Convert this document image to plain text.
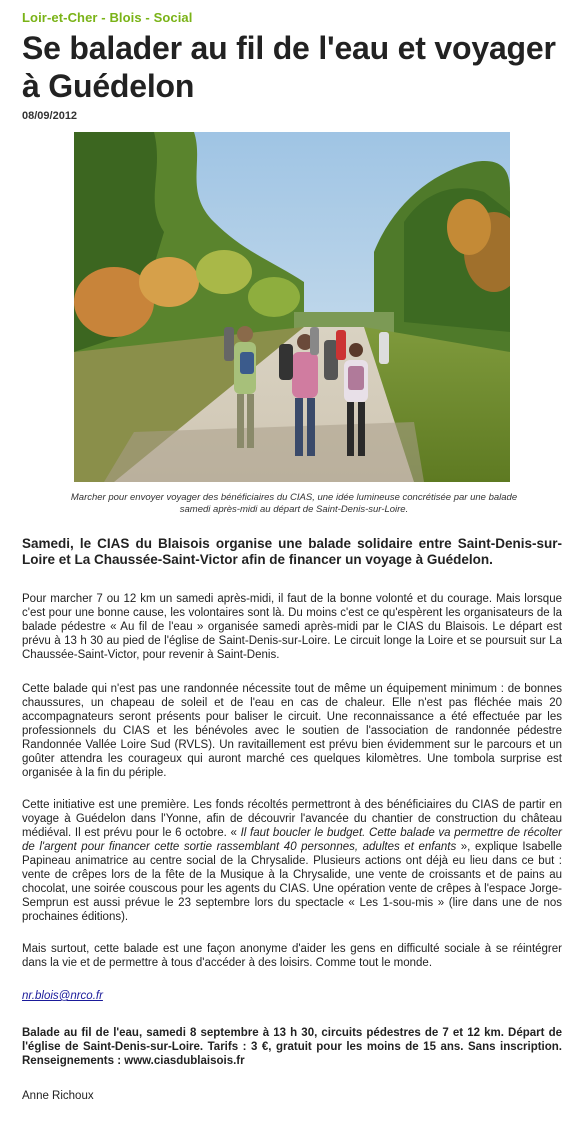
Loir-et-Cher - Blois - Social
Se balader au fil de l'eau et voyager à Guédelon
08/09/2012
Marcher pour envoyer voyager des bénéficiaires du CIAS, une idée lumineuse concrétisée par une balade
samedi après-midi au départ de Saint-Denis-sur-Loire.
Samedi, le CIAS du Blaisois organise une balade solidaire entre Saint-Denis-sur-Loire et La Chaussée-Saint-Victor afin de financer un voyage à Guédelon.
Pour marcher 7 ou 12 km un samedi après-midi, il faut de la bonne volonté et du courage. Mais lorsque c'est pour une bonne cause, les volontaires sont là. Du moins c'est ce qu'espèrent les organisateurs de la balade pédestre « Au fil de l'eau » organisée samedi après-midi par le CIAS du Blaisois. Le départ est prévu à 13 h 30 au pied de l'église de Saint-Denis-sur-Loire. Le circuit longe la Loire et se poursuit sur La Chaussée-Saint-Victor, pour revenir à Saint-Denis.
Cette balade qui n'est pas une randonnée nécessite tout de même un équipement minimum : de bonnes chaussures, un chapeau de soleil et de l'eau en cas de chaleur. Elle n'est pas fléchée mais 20 accompagnateurs seront présents pour baliser le circuit. Une reconnaissance a été effectuée par les professionnels du CIAS et les bénévoles avec le soutien de l'association de randonnée pédestre Randonnée Vallée Loire Sud (RVLS). Un ravitaillement est prévu bien évidemment sur le parcours et un goûter attendra les courageux qui auront marché ces quelques kilomètres. Une tombola surprise est organisée à la fin du périple.
Cette initiative est une première. Les fonds récoltés permettront à des bénéficiaires du CIAS de partir en voyage à Guédelon dans l'Yonne, afin de découvrir l'avancée du chantier de construction du château médiéval. Il est prévu pour le 6 octobre. « Il faut boucler le budget. Cette balade va permettre de récolter de l'argent pour financer cette sortie rassemblant 40 personnes, adultes et enfants », explique Isabelle Papineau animatrice au centre social de la Chrysalide. Plusieurs actions ont déjà eu lieu dans ce but : vente de crêpes lors de la fête de la Musique à la Chrysalide, une vente de croissants et de pains au chocolat, une soirée couscous pour les agents du CIAS. Une opération vente de crêpes à l'espace Jorge-Semprun est aussi prévue le 23 septembre lors du spectacle « Les 1-sou-mis » (lire dans une de nos prochaines éditions).
Mais surtout, cette balade est une façon anonyme d'aider les gens en difficulté sociale à se réintégrer dans la vie et de permettre à tous d'accéder à des loisirs. Comme tout le monde.
nr.blois@nrco.fr
Balade au fil de l'eau, samedi 8 septembre à 13 h 30, circuits pédestres de 7 et 12 km. Départ de l'église de Saint-Denis-sur-Loire. Tarifs : 3 €, gratuit pour les moins de 15 ans. Sans inscription. Renseignements : www.ciasdublaisois.fr
Anne Richoux
